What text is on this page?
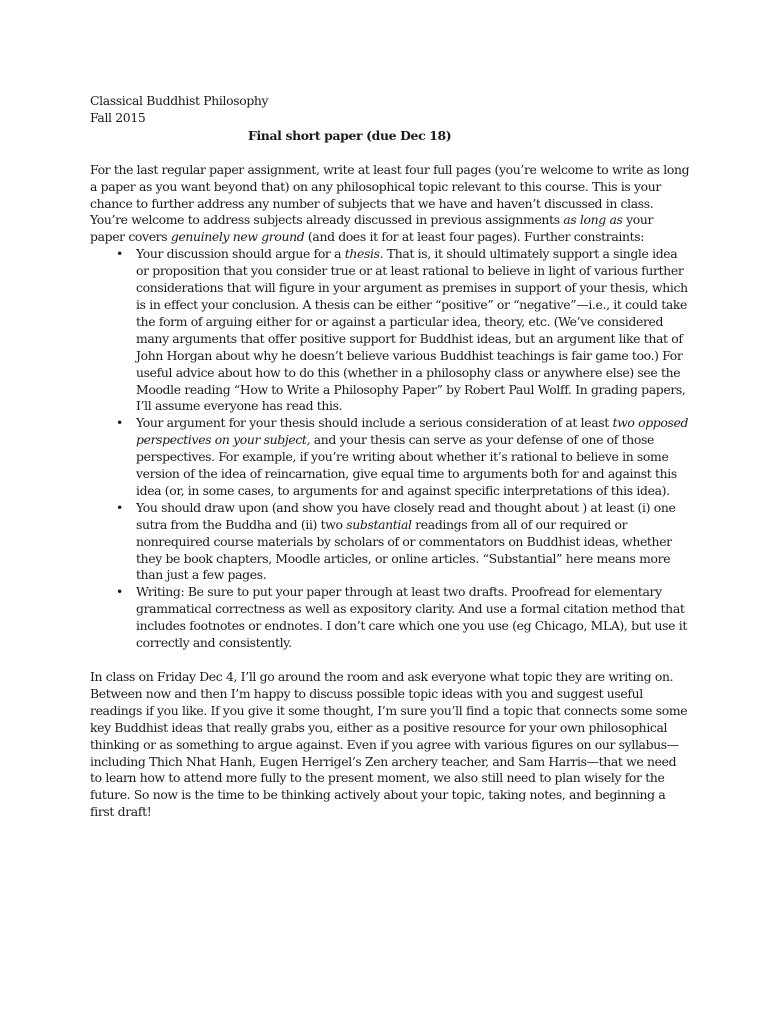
Classical Buddhist Philosophy
Fall 2015
Final short paper (due Dec 18)

For the last regular paper assignment, write at least four full pages (you’re welcome to write as long a paper as you want beyond that) on any philosophical topic relevant to this course. This is your chance to further address any number of subjects that we have and haven’t discussed in class. You’re welcome to address subjects already discussed in previous assignments as long as your paper covers genuinely new ground (and does it for at least four pages). Further constraints:

• Your discussion should argue for a thesis. That is, it should ultimately support a single idea or proposition that you consider true or at least rational to believe in light of various further considerations that will figure in your argument as premises in support of your thesis, which is in effect your conclusion. A thesis can be either “positive” or “negative”—i.e., it could take the form of arguing either for or against a particular idea, theory, etc. (We’ve considered many arguments that offer positive support for Buddhist ideas, but an argument like that of John Horgan about why he doesn’t believe various Buddhist teachings is fair game too.) For useful advice about how to do this (whether in a philosophy class or anywhere else) see the Moodle reading “How to Write a Philosophy Paper” by Robert Paul Wolff. In grading papers, I’ll assume everyone has read this.
• Your argument for your thesis should include a serious consideration of at least two opposed perspectives on your subject, and your thesis can serve as your defense of one of those perspectives. For example, if you’re writing about whether it’s rational to believe in some version of the idea of reincarnation, give equal time to arguments both for and against this idea (or, in some cases, to arguments for and against specific interpretations of this idea).
• You should draw upon (and show you have closely read and thought about ) at least (i) one sutra from the Buddha and (ii) two substantial readings from all of our required or nonrequired course materials by scholars of or commentators on Buddhist ideas, whether they be book chapters, Moodle articles, or online articles. “Substantial” here means more than just a few pages.
• Writing: Be sure to put your paper through at least two drafts. Proofread for elementary grammatical correctness as well as expository clarity. And use a formal citation method that includes footnotes or endnotes. I don’t care which one you use (eg Chicago, MLA), but use it correctly and consistently.

In class on Friday Dec 4, I’ll go around the room and ask everyone what topic they are writing on. Between now and then I’m happy to discuss possible topic ideas with you and suggest useful readings if you like. If you give it some thought, I’m sure you’ll find a topic that connects some some key Buddhist ideas that really grabs you, either as a positive resource for your own philosophical thinking or as something to argue against. Even if you agree with various figures on our syllabus—including Thich Nhat Hanh, Eugen Herrigel’s Zen archery teacher, and Sam Harris—that we need to learn how to attend more fully to the present moment, we also still need to plan wisely for the future. So now is the time to be thinking actively about your topic, taking notes, and beginning a first draft!
